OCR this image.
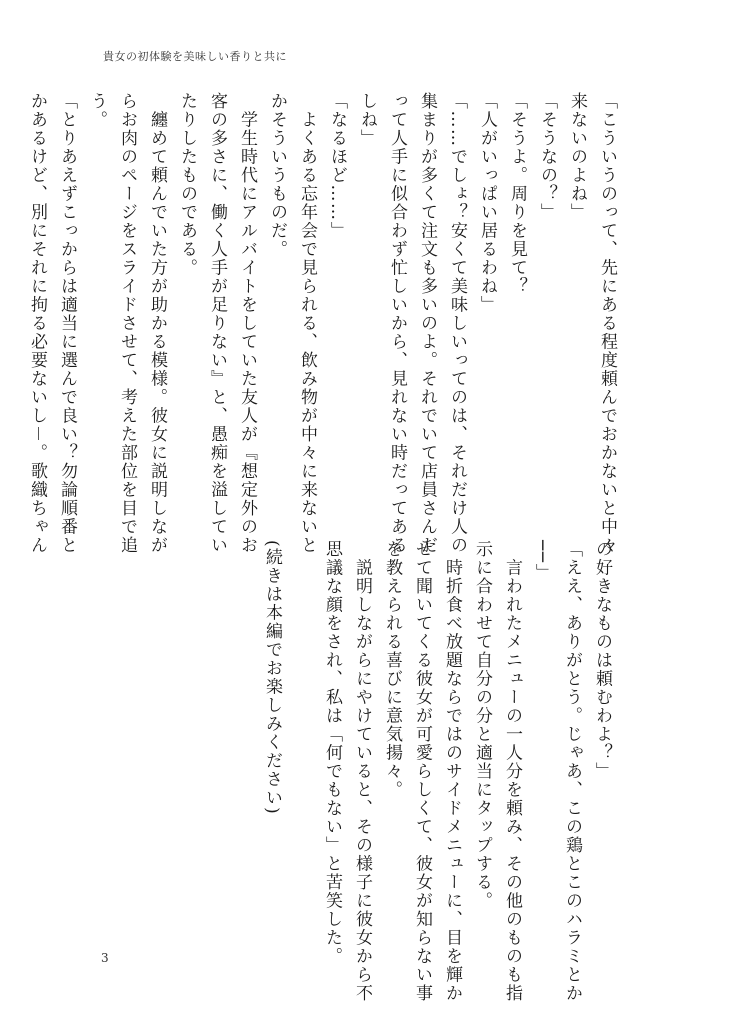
貴女の初体験を美味しい香りと共に

「こういうのって、先にある程度頼んでおかないと中々

来ないのよね」

「そうなの？」

「そうよ。周りを見て？

「人がいっぱい居るわね」

「……でしょ？安くて美味しいってのは、それだけ人の

集まりが多くて注文も多いのよ。それでいて店員さんだ

って人手に似合わず忙しいから、見れない時だってある

しね」

「なるほど……」

　よくある忘年会で見られる、飲み物が中々に来ないと

かそういうものだ。

　学生時代にアルバイトをしていた友人が『想定外のお

客の多さに、働く人手が足りない』と、愚痴を溢してい

たりしたものである。

　纏めて頼んでいた方が助かる模様。彼女に説明しなが

らお肉のページをスライドさせて、考えた部位を目で追

う。

「とりあえずこっからは適当に選んで良い？勿論順番と

かあるけど、別にそれに拘る必要ないし－。歌織ちゃん

の好きなものは頼むわよ？」

「ええ、ありがとう。じゃあ、この鶏とこのハラミとか

──」

　言われたメニューの一人分を頼み、その他のものも指

示に合わせて自分の分と適当にタップする。

　時折食べ放題ならではのサイドメニューに、目を輝か

せて聞いてくる彼女が可愛らしくて、彼女が知らない事

を教えられる喜びに意気揚々。

　説明しながらにやけていると、その様子に彼女から不

思議な顔をされ、私は「何でもない」と苦笑した。

(続きは本編でお楽しみください)

3
